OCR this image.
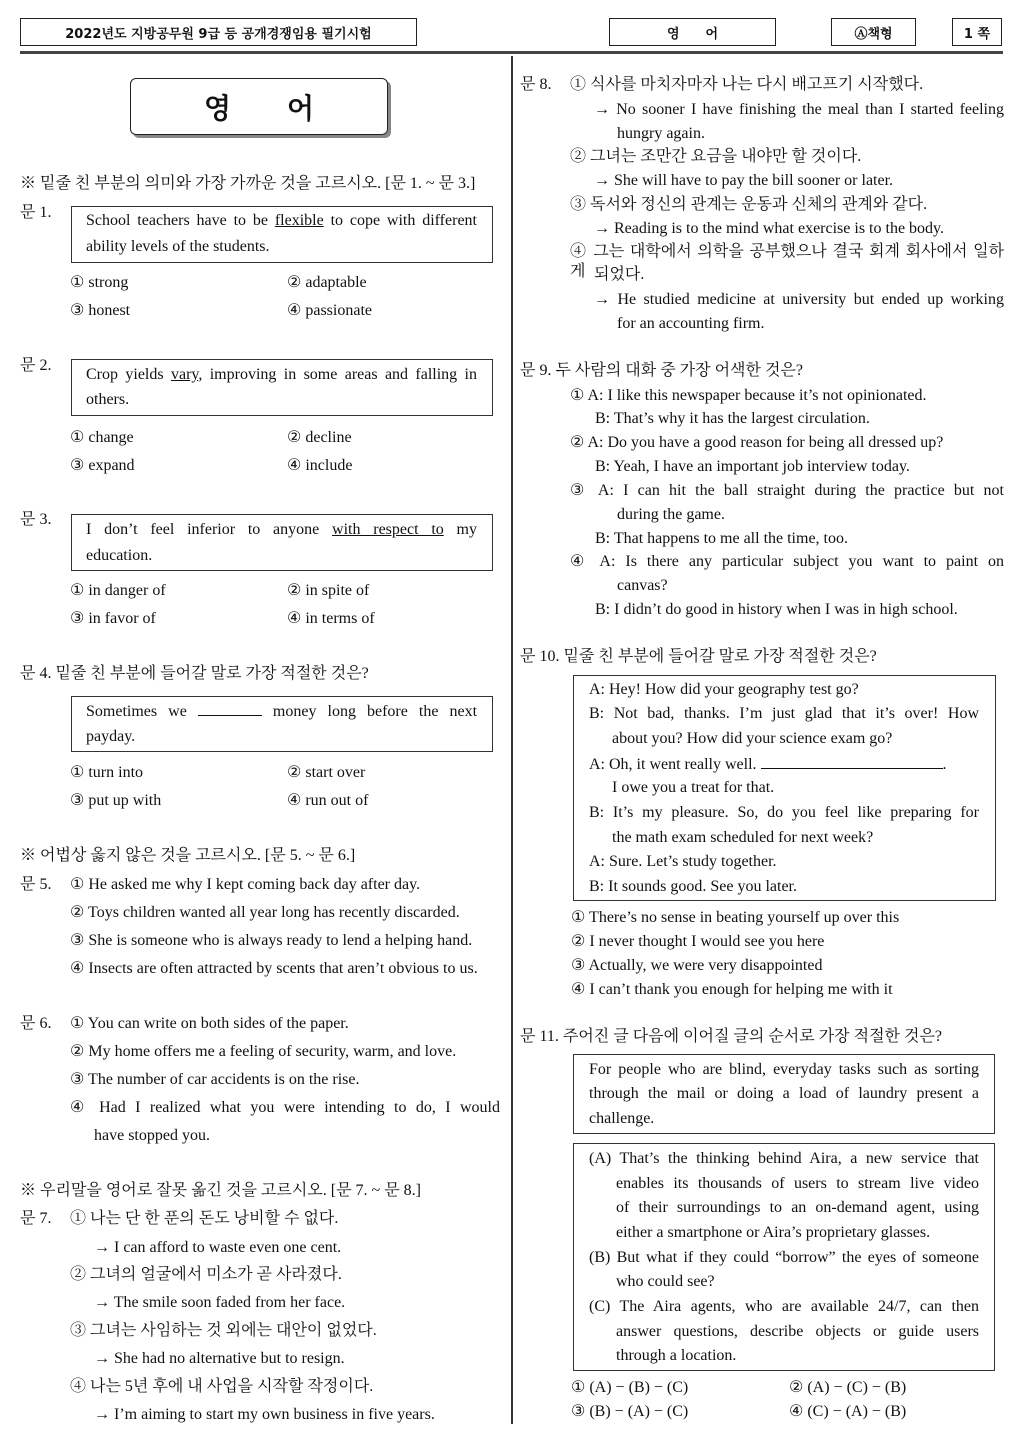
2022년도 지방공무원 9급 등 공개경쟁임용 필기시험	영　　어	Ⓐ책형	1 쪽
영　　어
※ 밑줄 친 부분의 의미와 가장 가까운 것을 고르시오. [문 1. ~ 문 3.]
문 1. School teachers have to be flexible to cope with different
ability levels of the students.
① strong	② adaptable
③ honest	④ passionate
문 2.
Crop yields vary, improving in some areas and falling in
others.
① change	② decline
③ expand	④ include
문 3.
I don’t feel inferior to anyone with respect to my
education.
① in danger of	② in spite of
③ in favor of	④ in terms of
문 4. 밑줄 친 부분에 들어갈 말로 가장 적절한 것은?
Sometimes we	money long before the next
payday.
① turn into	② start over
③ put up with	④ run out of
※ 어법상 옳지 않은 것을 고르시오. [문 5. ~ 문 6.]
문 5. ① He asked me why I kept coming back day after day.
② Toys children wanted all year long has recently discarded.
③ She is someone who is always ready to lend a helping hand.
④ Insects are often attracted by scents that aren’t obvious to us.
문 6. ① You can write on both sides of the paper.
② My home offers me a feeling of security, warm, and love.
③ The number of car accidents is on the rise.
④ Had I realized what you were intending to do, I would
have stopped you.
※ 우리말을 영어로 잘못 옮긴 것을 고르시오. [문 7. ~ 문 8.]
문 7. ① 나는 단 한 푼의 돈도 낭비할 수 없다.
→ I can afford to waste even one cent.
② 그녀의 얼굴에서 미소가 곧 사라졌다.
→ The smile soon faded from her face.
③ 그녀는 사임하는 것 외에는 대안이 없었다.
→ She had no alternative but to resign.
④ 나는 5년 후에 내 사업을 시작할 작정이다.
→ I’m aiming to start my own business in five years.
문 8. ① 식사를 마치자마자 나는 다시 배고프기 시작했다.
→ No sooner I have finishing the meal than I started feeling
hungry again.
② 그녀는 조만간 요금을 내야만 할 것이다.
→ She will have to pay the bill sooner or later.
③ 독서와 정신의 관계는 운동과 신체의 관계와 같다.
→ Reading is to the mind what exercise is to the body.
④ 그는 대학에서 의학을 공부했으나 결국 회계 회사에서 일하게 되었다.
→ He studied medicine at university but ended up working
for an accounting firm.
문 9. 두 사람의 대화 중 가장 어색한 것은?
① A: I like this newspaper because it’s not opinionated.
B: That’s why it has the largest circulation.
② A: Do you have a good reason for being all dressed up?
B: Yeah, I have an important job interview today.
③ A: I can hit the ball straight during the practice but not
during the game.
B: That happens to me all the time, too.
④ A: Is there any particular subject you want to paint on
canvas?
B: I didn’t do good in history when I was in high school.
문 10. 밑줄 친 부분에 들어갈 말로 가장 적절한 것은?
A: Hey! How did your geography test go?
B: Not bad, thanks. I’m just glad that it’s over! How
about you? How did your science exam go?
A: Oh, it went really well.	.
I owe you a treat for that.
B: It’s my pleasure. So, do you feel like preparing for
the math exam scheduled for next week?
A: Sure. Let’s study together.
B: It sounds good. See you later.
① There’s no sense in beating yourself up over this
② I never thought I would see you here
③ Actually, we were very disappointed
④ I can’t thank you enough for helping me with it
문 11. 주어진 글 다음에 이어질 글의 순서로 가장 적절한 것은?
For people who are blind, everyday tasks such as sorting
through the mail or doing a load of laundry present a
challenge.
(A) That’s the thinking behind Aira, a new service that
enables its thousands of users to stream live video
of their surroundings to an on-demand agent, using
either a smartphone or Aira’s proprietary glasses.
(B) But what if they could “borrow” the eyes of someone
who could see?
(C) The Aira agents, who are available 24/7, can then
answer questions, describe objects or guide users
through a location.
① (A) − (B) − (C)	② (A) − (C) − (B)
③ (B) − (A) − (C)	④ (C) − (A) − (B)
